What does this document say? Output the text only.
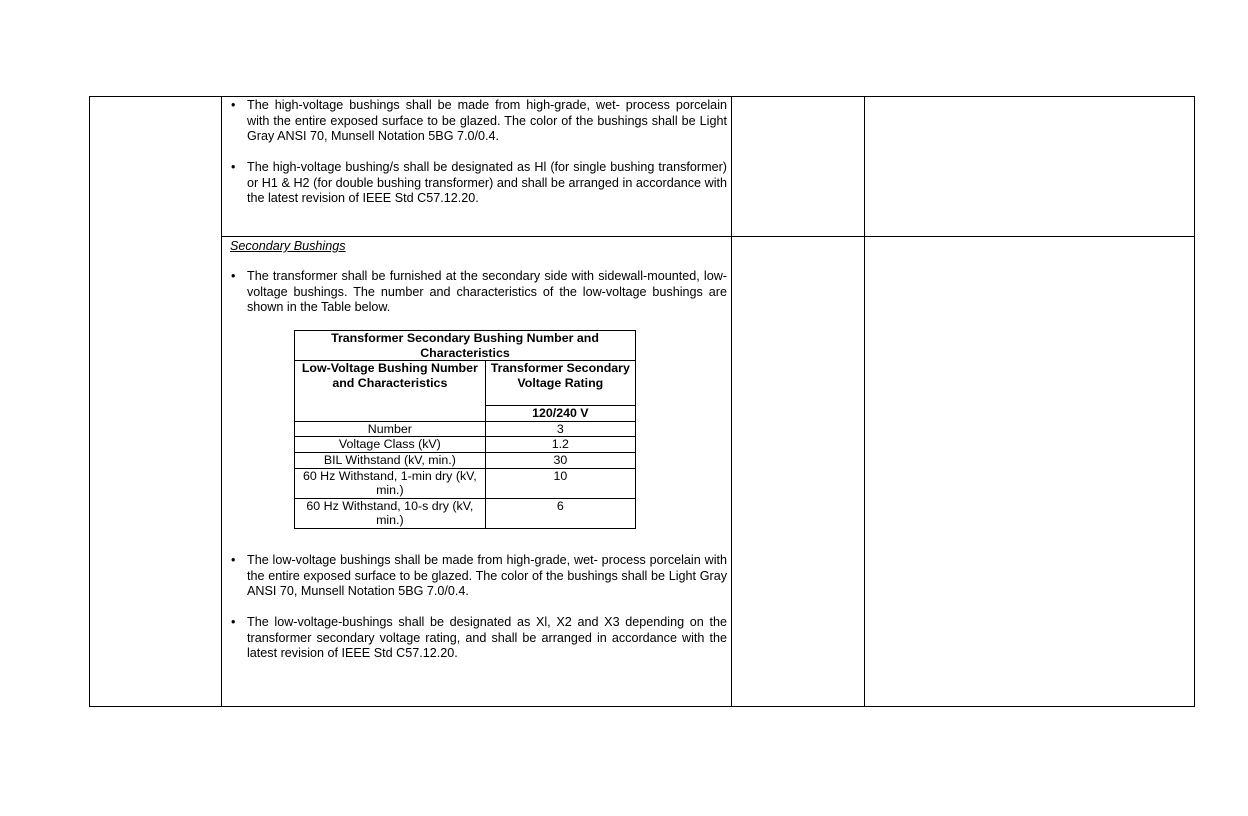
• The high-voltage bushings shall be made from high-grade, wet- process porcelain with the entire exposed surface to be glazed. The color of the bushings shall be Light Gray ANSI 70, Munsell Notation 5BG 7.0/0.4.
• The high-voltage bushing/s shall be designated as Hl (for single bushing transformer) or H1 & H2 (for double bushing transformer) and shall be arranged in accordance with the latest revision of IEEE Std C57.12.20.
Secondary Bushings
• The transformer shall be furnished at the secondary side with sidewall-mounted, low-voltage bushings. The number and characteristics of the low-voltage bushings are shown in the Table below.
Transformer Secondary Bushing Number and Characteristics	
Low-Voltage Bushing Number and Characteristics	Transformer Secondary Voltage Rating
	120/240 V
Number	3
Voltage Class (kV)	1.2
BIL Withstand (kV, min.)	30
60 Hz Withstand, 1-min dry (kV, min.)	10
60 Hz Withstand, 10-s dry (kV, min.)	6
• The low-voltage bushings shall be made from high-grade, wet- process porcelain with the entire exposed surface to be glazed. The color of the bushings shall be Light Gray ANSI 70, Munsell Notation 5BG 7.0/0.4.
• The low-voltage-bushings shall be designated as Xl, X2 and X3 depending on the transformer secondary voltage rating, and shall be arranged in accordance with the latest revision of IEEE Std C57.12.20.
